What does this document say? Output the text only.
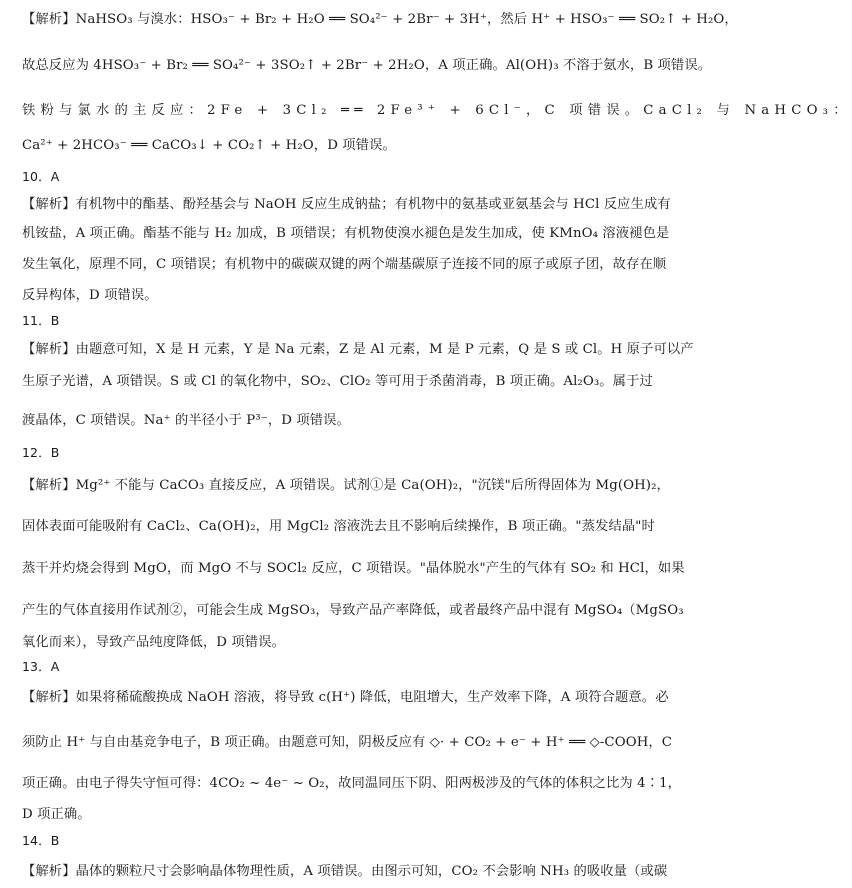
【解析】NaHSO₃ 与溴水：HSO₃⁻ + Br₂ + H₂O ══ SO₄²⁻ + 2Br⁻ + 3H⁺，然后 H⁺ + HSO₃⁻ ══ SO₂↑ + H₂O，
故总反应为 4HSO₃⁻ + Br₂ ══ SO₄²⁻ + 3SO₂↑ + 2Br⁻ + 2H₂O，A 项正确。Al(OH)₃ 不溶于氨水，B 项错误。
铁粉与氯水的主反应：2Fe + 3Cl₂ ══ 2Fe³⁺ + 6Cl⁻，C 项错误。CaCl₂ 与 NaHCO₃：
Ca²⁺ + 2HCO₃⁻ ══ CaCO₃↓ + CO₂↑ + H₂O，D 项错误。
10．A
【解析】有机物中的酯基、酚羟基会与 NaOH 反应生成钠盐；有机物中的氨基或亚氨基会与 HCl 反应生成有
机铵盐，A 项正确。酯基不能与 H₂ 加成，B 项错误；有机物使溴水褪色是发生加成，使 KMnO₄ 溶液褪色是
发生氧化，原理不同，C 项错误；有机物中的碳碳双键的两个端基碳原子连接不同的原子或原子团，故存在顺
反异构体，D 项错误。
11．B
【解析】由题意可知，X 是 H 元素，Y 是 Na 元素，Z 是 Al 元素，M 是 P 元素，Q 是 S 或 Cl。H 原子可以产
生原子光谱，A 项错误。S 或 Cl 的氧化物中，SO₂、ClO₂ 等可用于杀菌消毒，B 项正确。Al₂O₃。属于过
渡晶体，C 项错误。Na⁺ 的半径小于 P³⁻，D 项错误。
12．B
【解析】Mg²⁺ 不能与 CaCO₃ 直接反应，A 项错误。试剂①是 Ca(OH)₂，"沉镁"后所得固体为 Mg(OH)₂，
固体表面可能吸附有 CaCl₂、Ca(OH)₂，用 MgCl₂ 溶液洗去且不影响后续操作，B 项正确。"蒸发结晶"时
蒸干并灼烧会得到 MgO，而 MgO 不与 SOCl₂ 反应，C 项错误。"晶体脱水"产生的气体有 SO₂ 和 HCl，如果
产生的气体直接用作试剂②，可能会生成 MgSO₃，导致产品产率降低，或者最终产品中混有 MgSO₄（MgSO₃
氧化而来），导致产品纯度降低，D 项错误。
13．A
【解析】如果将稀硫酸换成 NaOH 溶液，将导致 c(H⁺) 降低，电阻增大，生产效率下降，A 项符合题意。必
须防止 H⁺ 与自由基竞争电子，B 项正确。由题意可知，阴极反应有 ◇· + CO₂ + e⁻ + H⁺ ══ ◇-COOH，C
项正确。由电子得失守恒可得：4CO₂ ~ 4e⁻ ~ O₂，故同温同压下阴、阳两极涉及的气体的体积之比为 4∶1，
D 项正确。
14．B
【解析】晶体的颗粒尺寸会影响晶体物理性质，A 项错误。由图示可知，CO₂ 不会影响 NH₃ 的吸收量（或碳
